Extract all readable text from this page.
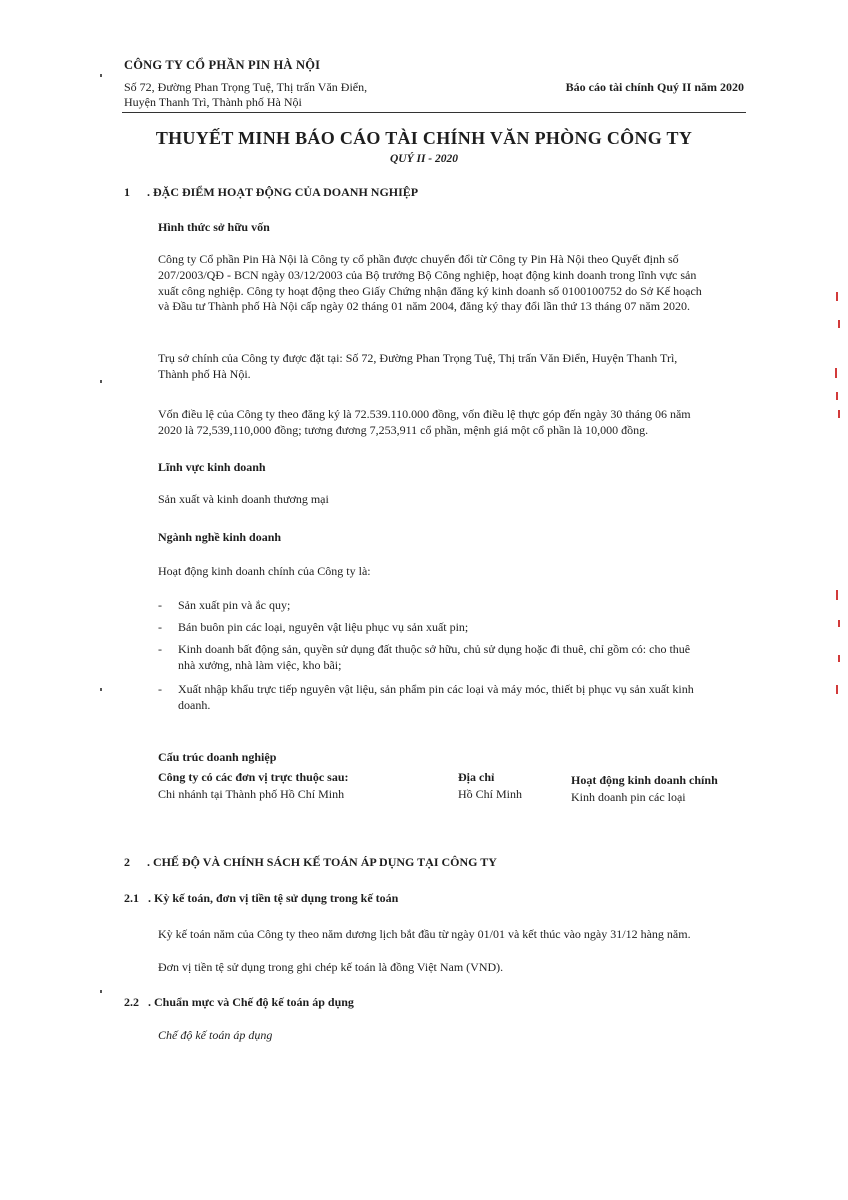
CÔNG TY CỔ PHẦN PIN HÀ NỘI
Số 72, Đường Phan Trọng Tuệ, Thị trấn Văn Điển,
Huyện Thanh Trì, Thành phố Hà Nội
Báo cáo tài chính Quý II năm 2020
THUYẾT MINH BÁO CÁO TÀI CHÍNH VĂN PHÒNG CÔNG TY
QUÝ II - 2020
1 . ĐẶC ĐIỂM HOẠT ĐỘNG CỦA DOANH NGHIỆP
Hình thức sở hữu vốn
Công ty Cổ phần Pin Hà Nội là Công ty cổ phần được chuyển đổi từ Công ty Pin Hà Nội theo Quyết định số
207/2003/QĐ - BCN ngày 03/12/2003 của Bộ trưởng Bộ Công nghiệp, hoạt động kinh doanh trong lĩnh vực sản
xuất công nghiệp. Công ty hoạt động theo Giấy Chứng nhận đăng ký kinh doanh số 0100100752 do Sở Kế hoạch
và Đầu tư Thành phố Hà Nội cấp ngày 02 tháng 01 năm 2004, đăng ký thay đổi lần thứ 13 tháng 07 năm 2020.
Trụ sở chính của Công ty được đặt tại: Số 72, Đường Phan Trọng Tuệ, Thị trấn Văn Điển, Huyện Thanh Trì,
Thành phố Hà Nội.
Vốn điều lệ của Công ty theo đăng ký là 72.539.110.000 đồng, vốn điều lệ thực góp đến ngày 30 tháng 06 năm
2020 là 72,539,110,000 đồng; tương đương 7,253,911 cổ phần, mệnh giá một cổ phần là 10,000 đồng.
Lĩnh vực kinh doanh
Sản xuất và kinh doanh thương mại
Ngành nghề kinh doanh
Hoạt động kinh doanh chính của Công ty là:
- Sản xuất pin và ắc quy;
- Bán buôn pin các loại, nguyên vật liệu phục vụ sản xuất pin;
- Kinh doanh bất động sản, quyền sử dụng đất thuộc sở hữu, chủ sử dụng hoặc đi thuê, chỉ gồm có: cho thuê
nhà xưởng, nhà làm việc, kho bãi;
- Xuất nhập khẩu trực tiếp nguyên vật liệu, sản phẩm pin các loại và máy móc, thiết bị phục vụ sản xuất kinh
doanh.
Cấu trúc doanh nghiệp
Công ty có các đơn vị trực thuộc sau:	Địa chỉ	Hoạt động kinh doanh chính
Chi nhánh tại Thành phố Hồ Chí Minh	Hồ Chí Minh	Kinh doanh pin các loại
2 . CHẾ ĐỘ VÀ CHÍNH SÁCH KẾ TOÁN ÁP DỤNG TẠI CÔNG TY
2.1 . Kỳ kế toán, đơn vị tiền tệ sử dụng trong kế toán
Kỳ kế toán năm của Công ty theo năm dương lịch bắt đầu từ ngày 01/01 và kết thúc vào ngày 31/12 hàng năm.
Đơn vị tiền tệ sử dụng trong ghi chép kế toán là đồng Việt Nam (VND).
2.2 . Chuẩn mực và Chế độ kế toán áp dụng
Chế độ kế toán áp dụng
